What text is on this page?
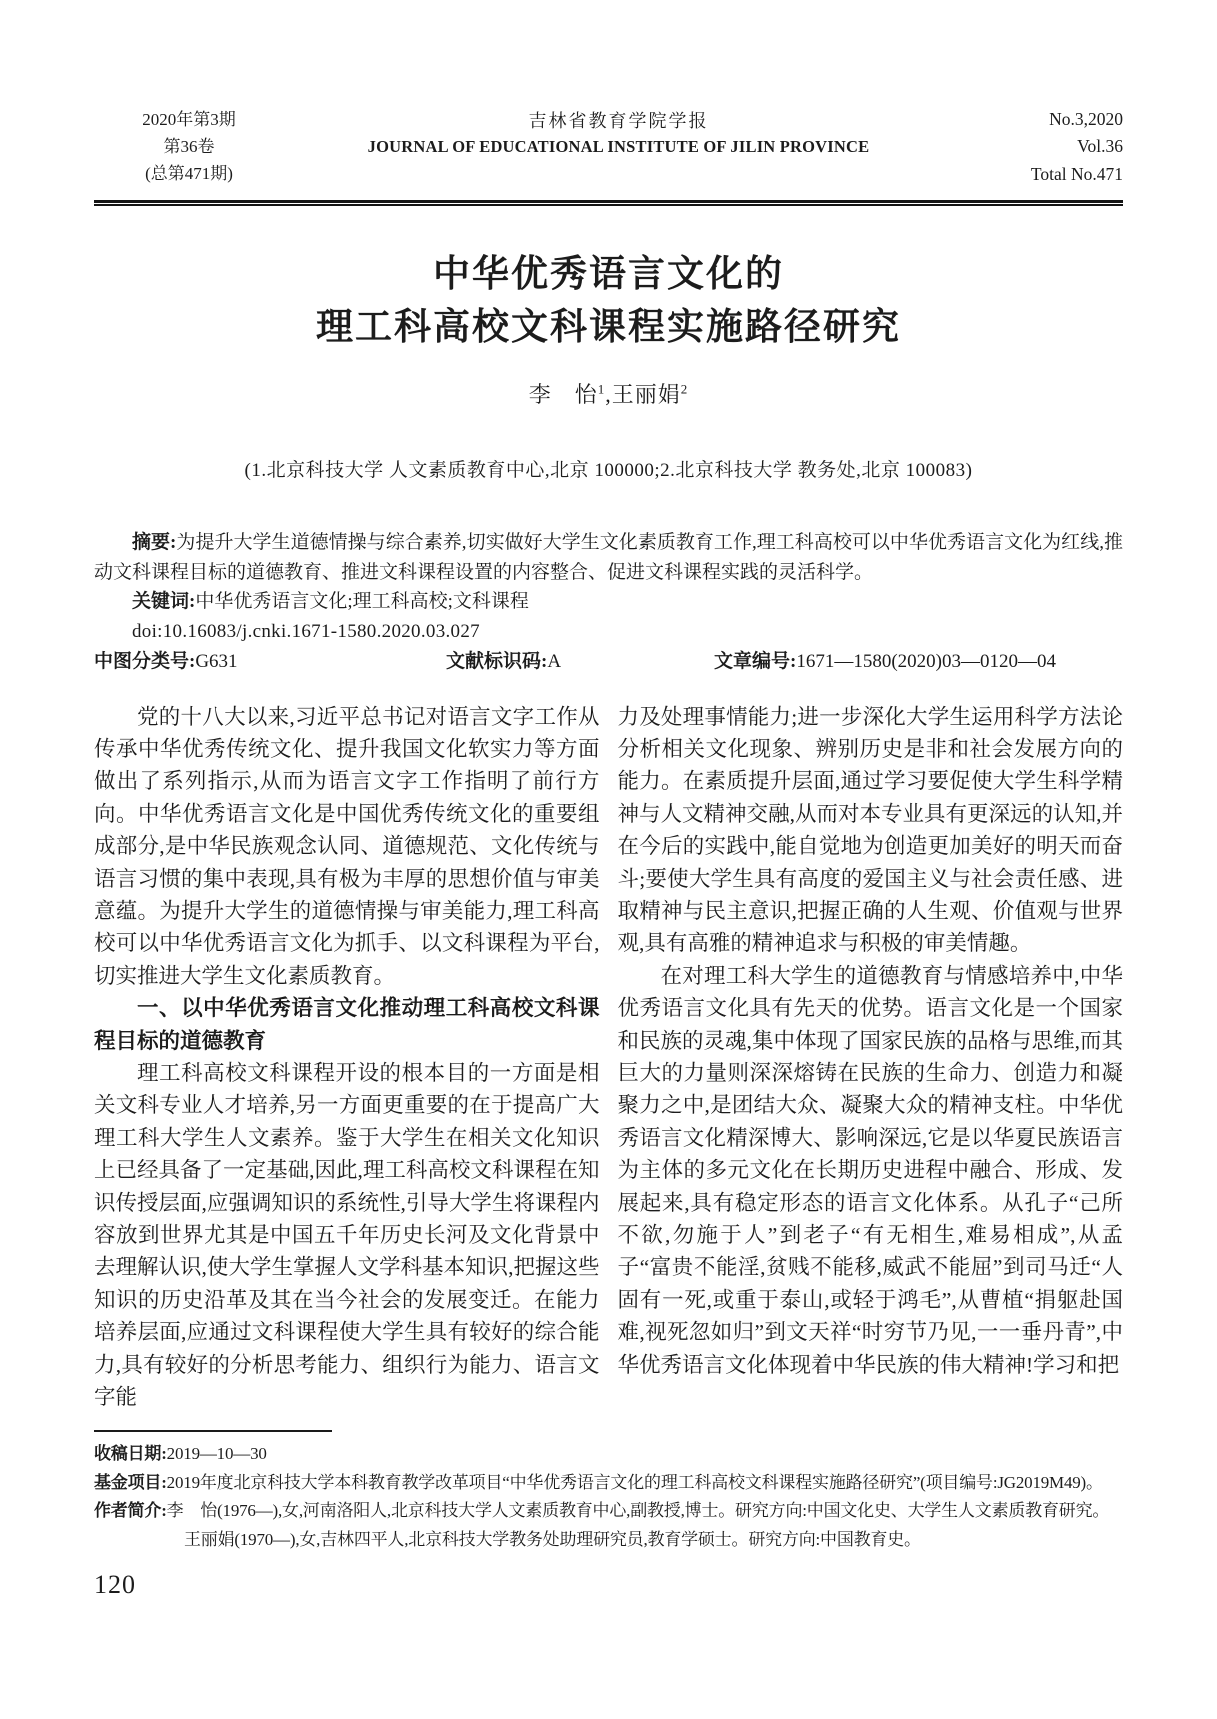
2020年第3期
第36卷
(总第471期)
吉林省教育学院学报
JOURNAL OF EDUCATIONAL INSTITUTE OF JILIN PROVINCE
No.3,2020
Vol.36
Total No.471
中华优秀语言文化的
理工科高校文科课程实施路径研究
李　怡$^1$,王丽娟$^2$
(1.北京科技大学 人文素质教育中心,北京 100000;2.北京科技大学 教务处,北京 100083)

摘要:为提升大学生道德情操与综合素养,切实做好大学生文化素质教育工作,理工科高校可以中华优秀语言文化为红线,推动文科课程目标的道德教育、推进文科课程设置的内容整合、促进文科课程实践的灵活科学。

关键词:中华优秀语言文化;理工科高校;文科课程

doi:10.16083/j.cnki.1671-1580.2020.03.027

中图分类号:G631	文献标识码:A	文章编号:1671—1580(2020)03—0120—04

党的十八大以来,习近平总书记对语言文字工作从传承中华优秀传统文化、提升我国文化软实力等方面做出了系列指示,从而为语言文字工作指明了前行方向。中华优秀语言文化是中国优秀传统文化的重要组成部分,是中华民族观念认同、道德规范、文化传统与语言习惯的集中表现,具有极为丰厚的思想价值与审美意蕴。为提升大学生的道德情操与审美能力,理工科高校可以中华优秀语言文化为抓手、以文科课程为平台,切实推进大学生文化素质教育。

一、以中华优秀语言文化推动理工科高校文科课程目标的道德教育

理工科高校文科课程开设的根本目的一方面是相关文科专业人才培养,另一方面更重要的在于提高广大理工科大学生人文素养。鉴于大学生在相关文化知识上已经具备了一定基础,因此,理工科高校文科课程在知识传授层面,应强调知识的系统性,引导大学生将课程内容放到世界尤其是中国五千年历史长河及文化背景中去理解认识,使大学生掌握人文学科基本知识,把握这些知识的历史沿革及其在当今社会的发展变迁。在能力培养层面,应通过文科课程使大学生具有较好的综合能力,具有较好的分析思考能力、组织行为能力、语言文字能

力及处理事情能力;进一步深化大学生运用科学方法论分析相关文化现象、辨别历史是非和社会发展方向的能力。在素质提升层面,通过学习要促使大学生科学精神与人文精神交融,从而对本专业具有更深远的认知,并在今后的实践中,能自觉地为创造更加美好的明天而奋斗;要使大学生具有高度的爱国主义与社会责任感、进取精神与民主意识,把握正确的人生观、价值观与世界观,具有高雅的精神追求与积极的审美情趣。

在对理工科大学生的道德教育与情感培养中,中华优秀语言文化具有先天的优势。语言文化是一个国家和民族的灵魂,集中体现了国家民族的品格与思维,而其巨大的力量则深深熔铸在民族的生命力、创造力和凝聚力之中,是团结大众、凝聚大众的精神支柱。中华优秀语言文化精深博大、影响深远,它是以华夏民族语言为主体的多元文化在长期历史进程中融合、形成、发展起来,具有稳定形态的语言文化体系。从孔子“己所不欲,勿施于人”到老子“有无相生,难易相成”,从孟子“富贵不能淫,贫贱不能移,威武不能屈”到司马迁“人固有一死,或重于泰山,或轻于鸿毛”,从曹植“捐躯赴国难,视死忽如归”到文天祥“时穷节乃见,一一垂丹青”,中华优秀语言文化体现着中华民族的伟大精神!学习和把

收稿日期:2019—10—30

基金项目:2019年度北京科技大学本科教育教学改革项目“中华优秀语言文化的理工科高校文科课程实施路径研究”(项目编号:JG2019M49)。

作者简介:李　怡(1976—),女,河南洛阳人,北京科技大学人文素质教育中心,副教授,博士。研究方向:中国文化史、大学生人文素质教育研究。

王丽娟(1970—),女,吉林四平人,北京科技大学教务处助理研究员,教育学硕士。研究方向:中国教育史。

120
